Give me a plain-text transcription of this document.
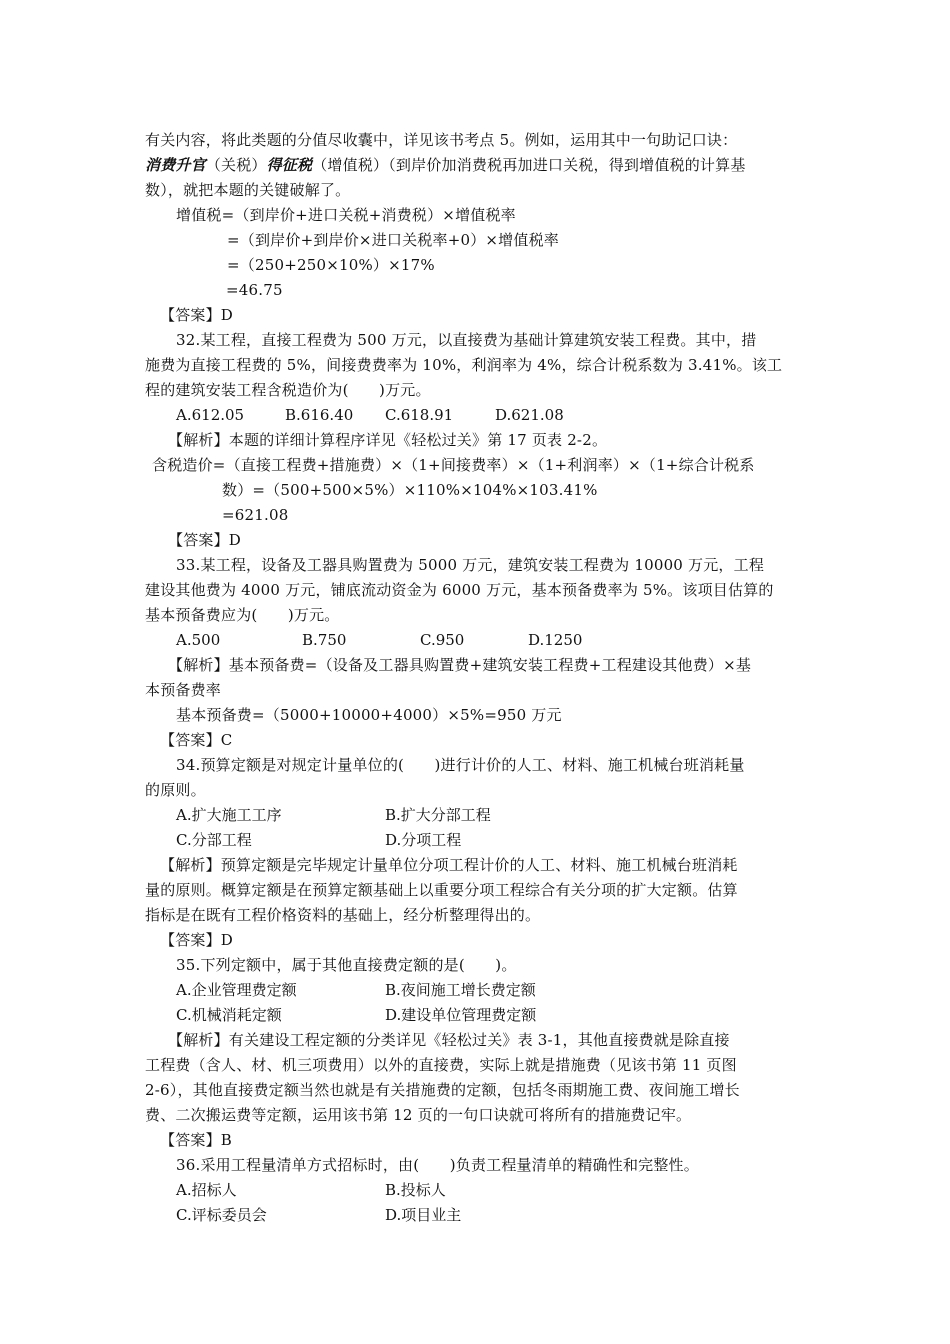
有关内容，将此类题的分值尽收囊中，详见该书考点 5。例如，运用其中一句助记口诀：
消费升官（关税）得征税（增值税）（到岸价加消费税再加进口关税，得到增值税的计算基
数），就把本题的关键破解了。
增值税=（到岸价+进口关税+消费税）×增值税率
=（到岸价+到岸价×进口关税率+0）×增值税率
=（250+250×10%）×17%
=46.75
【答案】D
32.某工程，直接工程费为 500 万元，以直接费为基础计算建筑安装工程费。其中，措
施费为直接工程费的 5%，间接费费率为 10%，利润率为 4%，综合计税系数为 3.41%。该工
程的建筑安装工程含税造价为(　　)万元。
A.612.05	B.616.40 C.618.91	D.621.08
【解析】本题的详细计算程序详见《轻松过关》第 17 页表 2-2。
含税造价=（直接工程费+措施费）×（1+间接费率）×（1+利润率）×（1+综合计税系
数）=（500+500×5%）×110%×104%×103.41%
=621.08
【答案】D
33.某工程，设备及工器具购置费为 5000 万元，建筑安装工程费为 10000 万元，工程
建设其他费为 4000 万元，铺底流动资金为 6000 万元，基本预备费率为 5%。该项目估算的
基本预备费应为(　　)万元。
A.500	B.750	C.950	D.1250
【解析】基本预备费=（设备及工器具购置费+建筑安装工程费+工程建设其他费）×基
本预备费率
基本预备费=（5000+10000+4000）×5%=950 万元
【答案】C
34.预算定额是对规定计量单位的(　　)进行计价的人工、材料、施工机械台班消耗量
的原则。
A.扩大施工工序	B.扩大分部工程
C.分部工程	D.分项工程
【解析】预算定额是完毕规定计量单位分项工程计价的人工、材料、施工机械台班消耗
量的原则。概算定额是在预算定额基础上以重要分项工程综合有关分项的扩大定额。估算
指标是在既有工程价格资料的基础上，经分析整理得出的。
【答案】D
35.下列定额中，属于其他直接费定额的是(　　)。
A.企业管理费定额	B.夜间施工增长费定额
C.机械消耗定额	D.建设单位管理费定额
【解析】有关建设工程定额的分类详见《轻松过关》表 3-1，其他直接费就是除直接
工程费（含人、材、机三项费用）以外的直接费，实际上就是措施费（见该书第 11 页图
2-6），其他直接费定额当然也就是有关措施费的定额，包括冬雨期施工费、夜间施工增长
费、二次搬运费等定额，运用该书第 12 页的一句口诀就可将所有的措施费记牢。
【答案】B
36.采用工程量清单方式招标时，由(　　)负责工程量清单的精确性和完整性。
A.招标人	B.投标人
C.评标委员会	D.项目业主
